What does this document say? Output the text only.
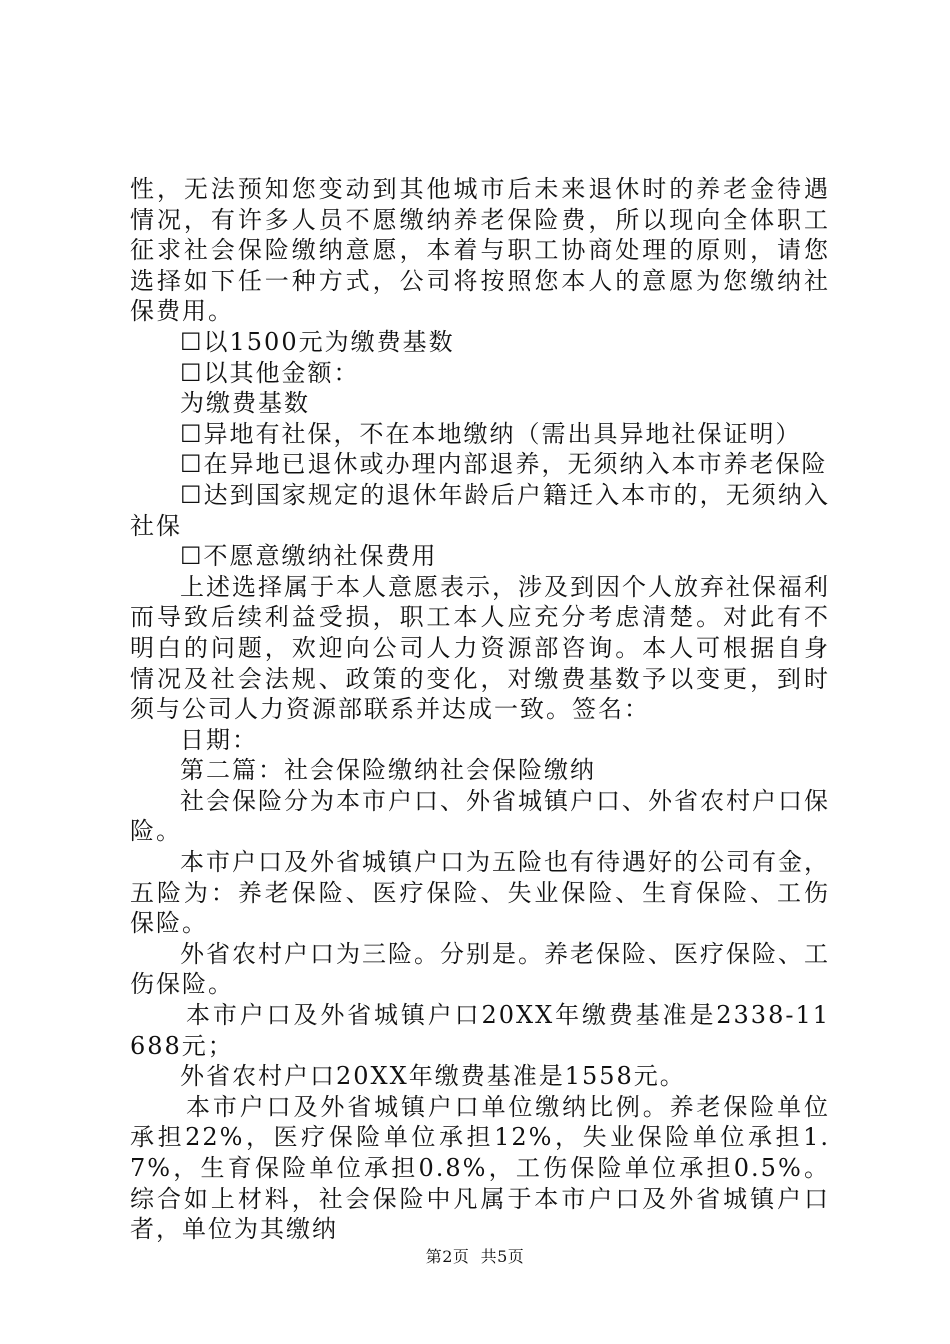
性，无法预知您变动到其他城市后未来退休时的养老金待遇情况，有许多人员不愿缴纳养老保险费，所以现向全体职工征求社会保险缴纳意愿，本着与职工协商处理的原则，请您选择如下任一种方式，公司将按照您本人的意愿为您缴纳社保费用。

☐以1500元为缴费基数

☐以其他金额：

为缴费基数

☐异地有社保，不在本地缴纳（需出具异地社保证明）

☐在异地已退休或办理内部退养，无须纳入本市养老保险

☐达到国家规定的退休年龄后户籍迁入本市的，无须纳入社保

☐不愿意缴纳社保费用

上述选择属于本人意愿表示，涉及到因个人放弃社保福利而导致后续利益受损，职工本人应充分考虑清楚。对此有不明白的问题，欢迎向公司人力资源部咨询。本人可根据自身情况及社会法规、政策的变化，对缴费基数予以变更，到时须与公司人力资源部联系并达成一致。签名：

日期：

第二篇：社会保险缴纳社会保险缴纳

社会保险分为本市户口、外省城镇户口、外省农村户口保险。

本市户口及外省城镇户口为五险也有待遇好的公司有金，五险为：养老保险、医疗保险、失业保险、生育保险、工伤保险。

外省农村户口为三险。分别是。养老保险、医疗保险、工伤保险。

本市户口及外省城镇户口20XX年缴费基准是2338-11688元；

外省农村户口20XX年缴费基准是1558元。

本市户口及外省城镇户口单位缴纳比例。养老保险单位承担22%，医疗保险单位承担12%，失业保险单位承担1.7%，生育保险单位承担0.8%，工伤保险单位承担0.5%。综合如上材料，社会保险中凡属于本市户口及外省城镇户口者，单位为其缴纳

第2页  共5页
